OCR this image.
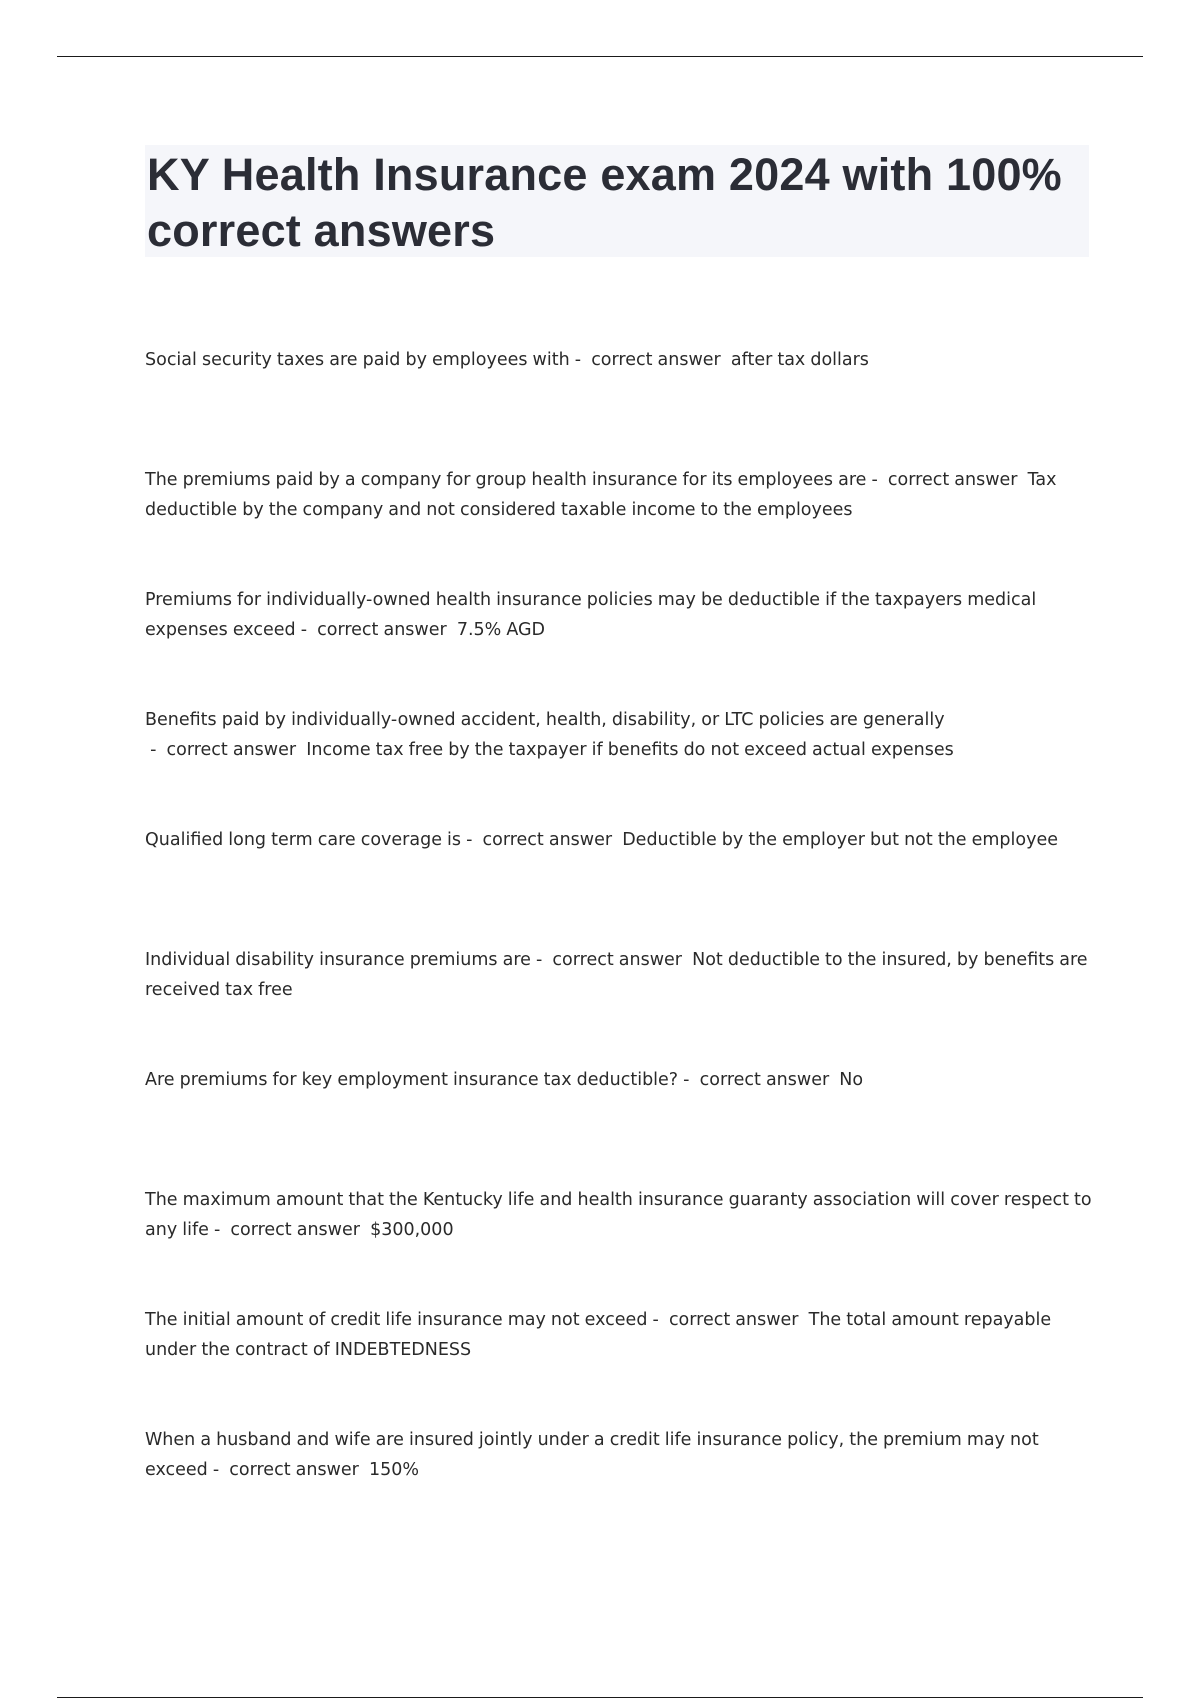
KY Health Insurance exam 2024 with 100% correct answers

Social security taxes are paid by employees with -  correct answer  after tax dollars

The premiums paid by a company for group health insurance for its employees are -  correct answer  Tax deductible by the company and not considered taxable income to the employees

Premiums for individually-owned health insurance policies may be deductible if the taxpayers medical expenses exceed -  correct answer  7.5% AGD

Benefits paid by individually-owned accident, health, disability, or LTC policies are generally -  correct answer  Income tax free by the taxpayer if benefits do not exceed actual expenses

Qualified long term care coverage is -  correct answer  Deductible by the employer but not the employee

Individual disability insurance premiums are -  correct answer  Not deductible to the insured, by benefits are received tax free

Are premiums for key employment insurance tax deductible? -  correct answer  No

The maximum amount that the Kentucky life and health insurance guaranty association will cover respect to any life -  correct answer  $300,000

The initial amount of credit life insurance may not exceed -  correct answer  The total amount repayable under the contract of INDEBTEDNESS

When a husband and wife are insured jointly under a credit life insurance policy, the premium may not exceed -  correct answer  150%
